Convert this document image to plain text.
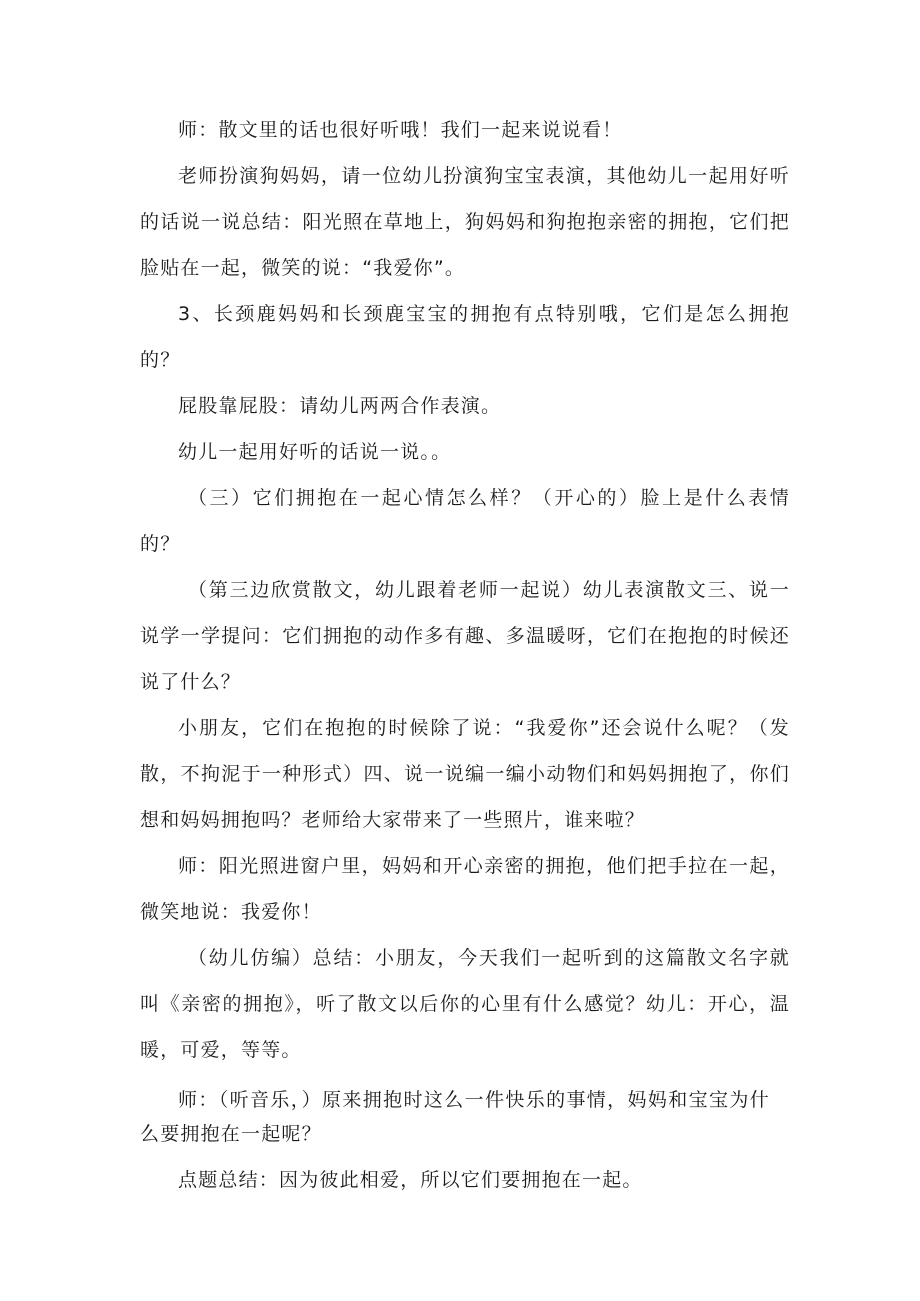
师：散文里的话也很好听哦！我们一起来说说看！

老师扮演狗妈妈，请一位幼儿扮演狗宝宝表演，其他幼儿一起用好听的话说一说总结：阳光照在草地上，狗妈妈和狗抱抱亲密的拥抱，它们把脸贴在一起，微笑的说：“我爱你”。

3、长颈鹿妈妈和长颈鹿宝宝的拥抱有点特别哦，它们是怎么拥抱的？

屁股靠屁股：请幼儿两两合作表演。

幼儿一起用好听的话说一说。。

（三）它们拥抱在一起心情怎么样？（开心的）脸上是什么表情的？

（第三边欣赏散文，幼儿跟着老师一起说）幼儿表演散文三、说一说学一学提问：它们拥抱的动作多有趣、多温暖呀，它们在抱抱的时候还说了什么？

小朋友，它们在抱抱的时候除了说：“我爱你”还会说什么呢？（发散，不拘泥于一种形式）四、说一说编一编小动物们和妈妈拥抱了，你们想和妈妈拥抱吗？老师给大家带来了一些照片，谁来啦？

师：阳光照进窗户里，妈妈和开心亲密的拥抱，他们把手拉在一起，微笑地说：我爱你！

（幼儿仿编）总结：小朋友，今天我们一起听到的这篇散文名字就叫《亲密的拥抱》，听了散文以后你的心里有什么感觉？幼儿：开心，温暖，可爱，等等。

师：（听音乐，）原来拥抱时这么一件快乐的事情，妈妈和宝宝为什么要拥抱在一起呢？

点题总结：因为彼此相爱，所以它们要拥抱在一起。
